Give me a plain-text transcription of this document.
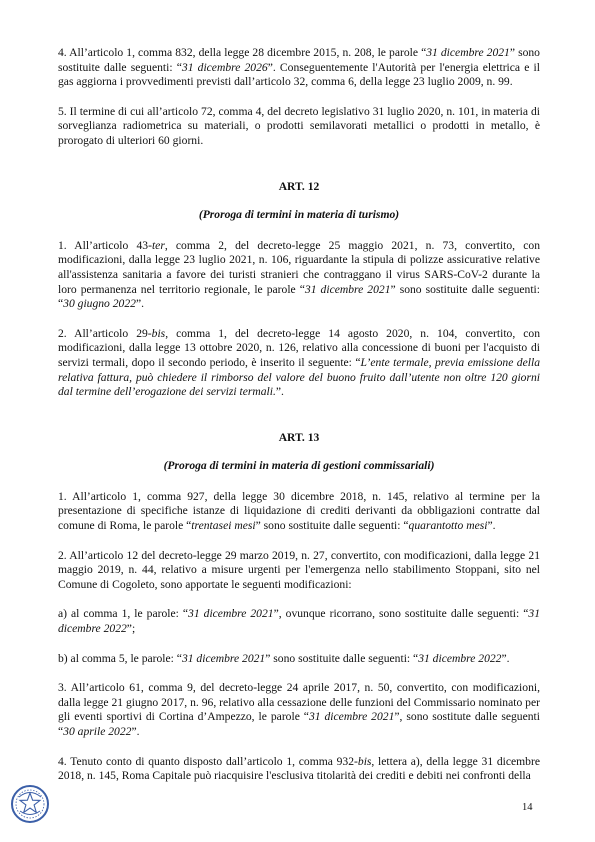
4. All’articolo 1, comma 832, della legge 28 dicembre 2015, n. 208, le parole “31 dicembre 2021” sono sostituite dalle seguenti: “31 dicembre 2026”. Conseguentemente l'Autorità per l'energia elettrica e il gas aggiorna i provvedimenti previsti dall’articolo 32, comma 6, della legge 23 luglio 2009, n. 99.

5. Il termine di cui all’articolo 72, comma 4, del decreto legislativo 31 luglio 2020, n. 101, in materia di sorveglianza radiometrica su materiali, o prodotti semilavorati metallici o prodotti in metallo, è prorogato di ulteriori 60 giorni.

ART. 12
(Proroga di termini in materia di turismo)

1. All’articolo 43-ter, comma 2, del decreto-legge 25 maggio 2021, n. 73, convertito, con modificazioni, dalla legge 23 luglio 2021, n. 106, riguardante la stipula di polizze assicurative relative all'assistenza sanitaria a favore dei turisti stranieri che contraggano il virus SARS-CoV-2 durante la loro permanenza nel territorio regionale, le parole “31 dicembre 2021” sono sostituite dalle seguenti: “30 giugno 2022”.

2. All’articolo 29-bis, comma 1, del decreto-legge 14 agosto 2020, n. 104, convertito, con modificazioni, dalla legge 13 ottobre 2020, n. 126, relativo alla concessione di buoni per l'acquisto di servizi termali, dopo il secondo periodo, è inserito il seguente: “L’ente termale, previa emissione della relativa fattura, può chiedere il rimborso del valore del buono fruito dall’utente non oltre 120 giorni dal termine dell’erogazione dei servizi termali.”.

ART. 13
(Proroga di termini in materia di gestioni commissariali)

1. All’articolo 1, comma 927, della legge 30 dicembre 2018, n. 145, relativo al termine per la presentazione di specifiche istanze di liquidazione di crediti derivanti da obbligazioni contratte dal comune di Roma, le parole “trentasei mesi” sono sostituite dalle seguenti: “quarantotto mesi”.

2. All’articolo 12 del decreto-legge 29 marzo 2019, n. 27, convertito, con modificazioni, dalla legge 21 maggio 2019, n. 44, relativo a misure urgenti per l'emergenza nello stabilimento Stoppani, sito nel Comune di Cogoleto, sono apportate le seguenti modificazioni:

a) al comma 1, le parole: “31 dicembre 2021”, ovunque ricorrano, sono sostituite dalle seguenti: “31 dicembre 2022”;

b) al comma 5, le parole: “31 dicembre 2021” sono sostituite dalle seguenti: “31 dicembre 2022”.

3. All’articolo 61, comma 9, del decreto-legge 24 aprile 2017, n. 50, convertito, con modificazioni, dalla legge 21 giugno 2017, n. 96, relativo alla cessazione delle funzioni del Commissario nominato per gli eventi sportivi di Cortina d’Ampezzo, le parole “31 dicembre 2021”, sono sostitute dalle seguenti “30 aprile 2022”.

4. Tenuto conto di quanto disposto dall’articolo 1, comma 932-bis, lettera a), della legge 31 dicembre 2018, n. 145, Roma Capitale può riacquisire l'esclusiva titolarità dei crediti e debiti nei confronti della

14
